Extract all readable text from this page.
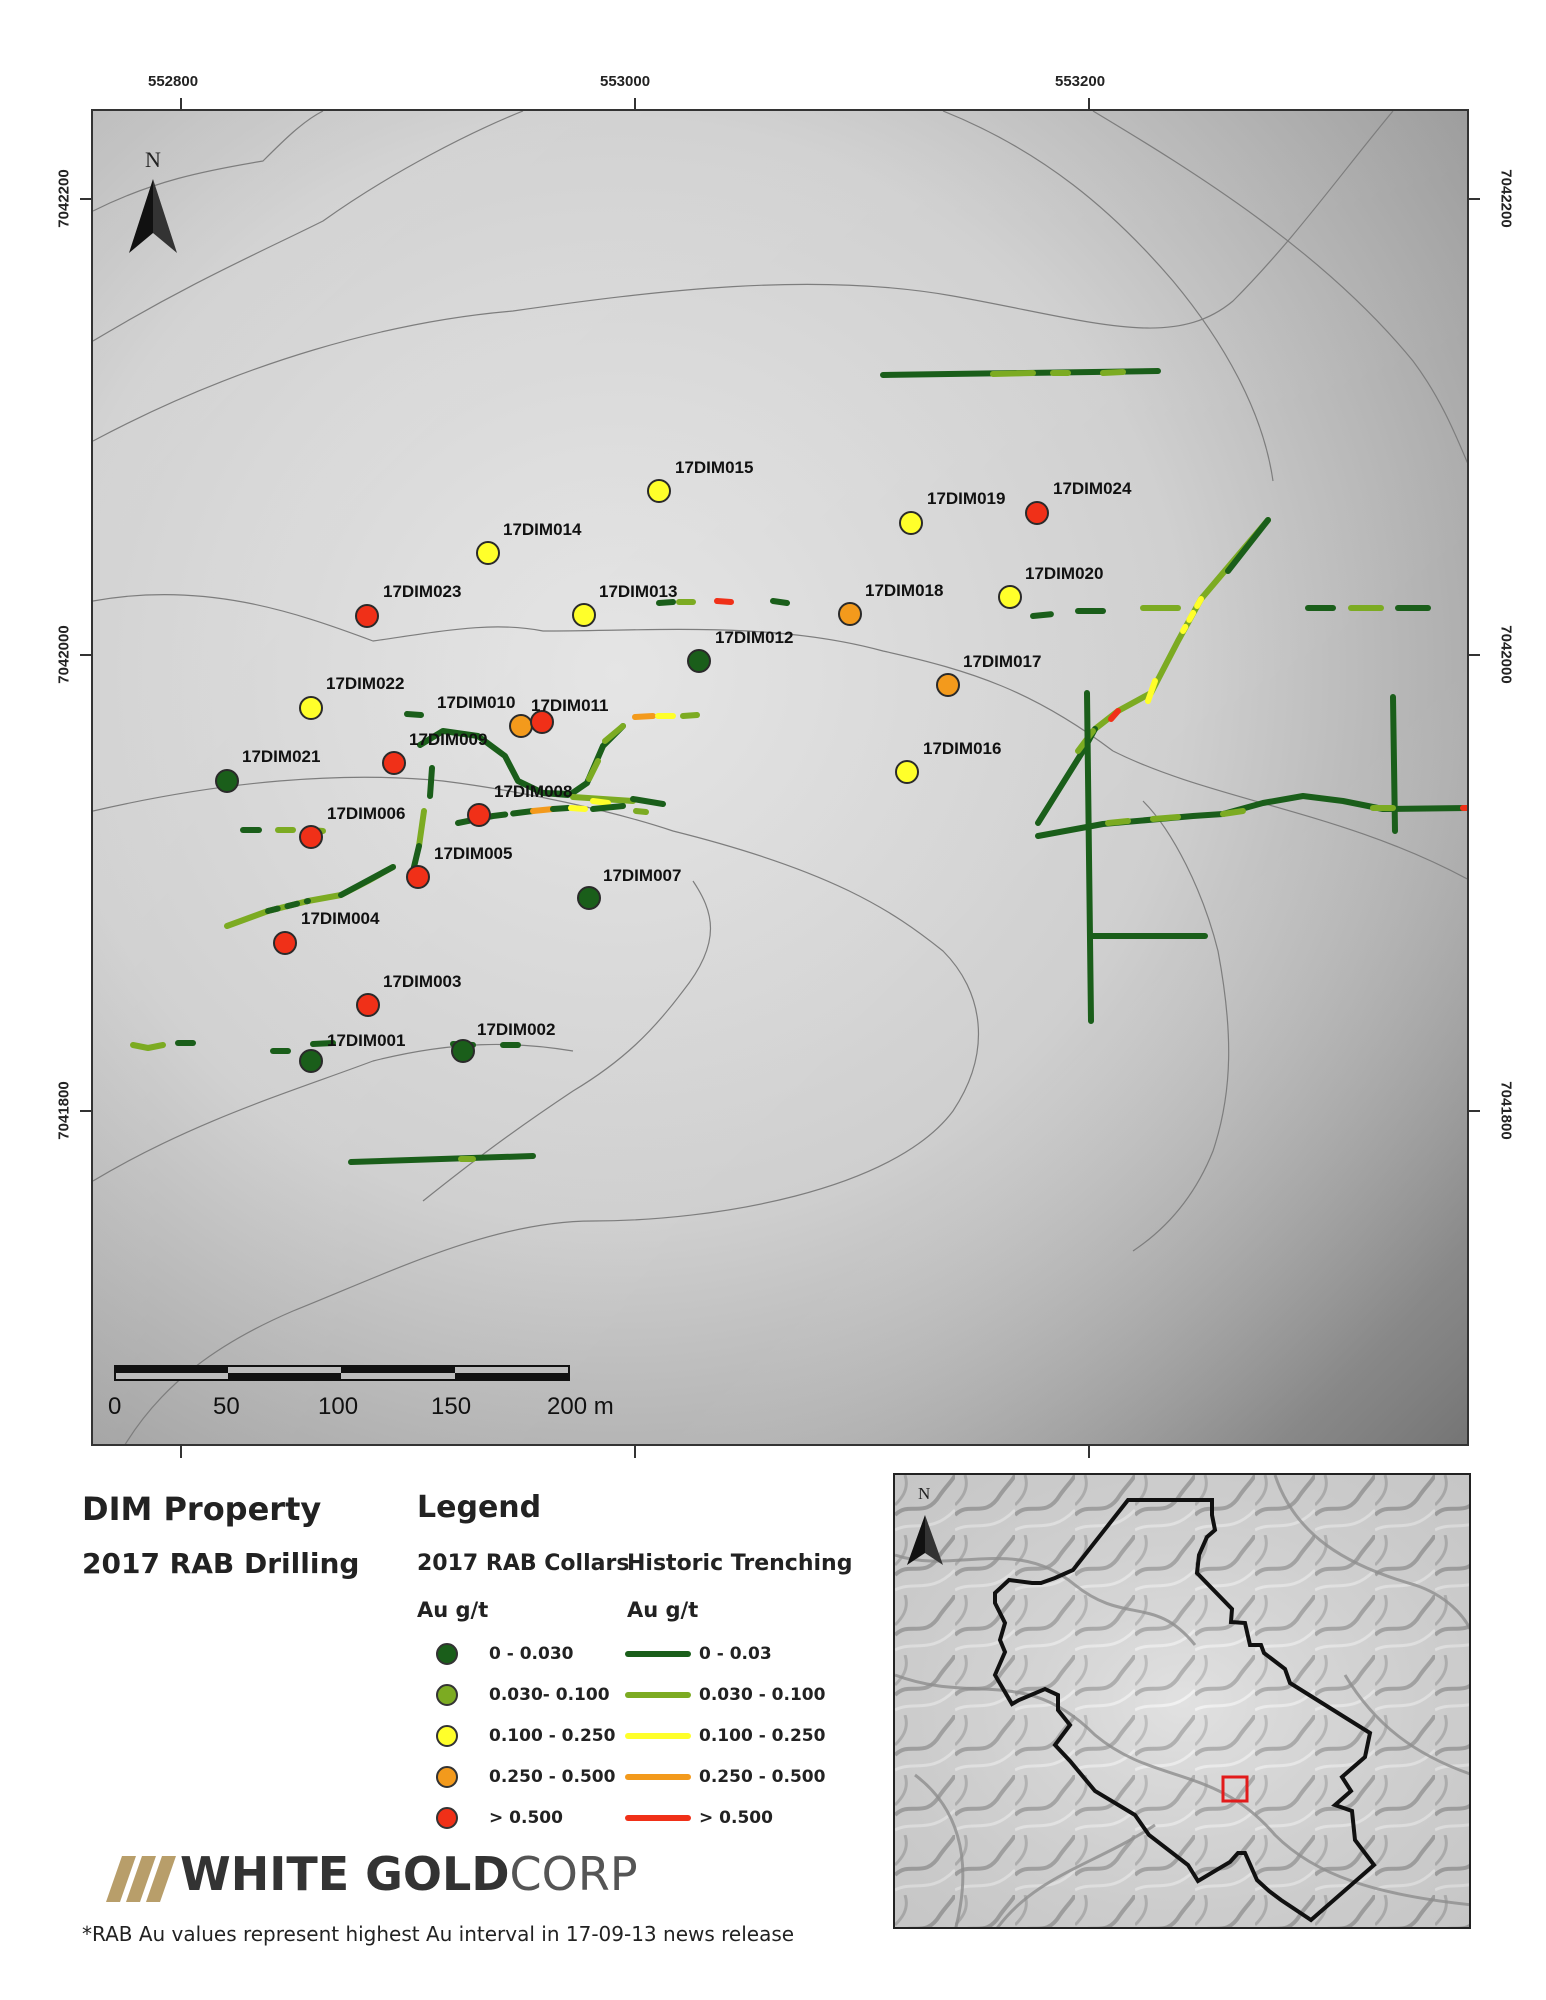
552800	553000	553200
7042200
7042000
7041800
7042200
7042000
7041800
N
17DIM001
17DIM002
17DIM003
17DIM004
17DIM005
17DIM006
17DIM007
17DIM008
17DIM009
17DIM010 17DIM011
17DIM012
17DIM013
17DIM014
17DIM015
17DIM016
17DIM017
17DIM018
17DIM019
17DIM020
17DIM021
17DIM022
17DIM023
17DIM024
0	50	100	150	200 m
DIM Property
2017 RAB Drilling
Legend
2017 RAB Collars
Historic Trenching
Au g/t	Au g/t
0 - 0.030
0.030- 0.100
0.100 - 0.250
0.250 - 0.500
> 0.500
0 - 0.03
0.030 - 0.100
0.100 - 0.250
0.250 - 0.500
> 0.500
WHITE GOLDCORP
*RAB Au values represent highest Au interval in 17-09-13 news release
N
